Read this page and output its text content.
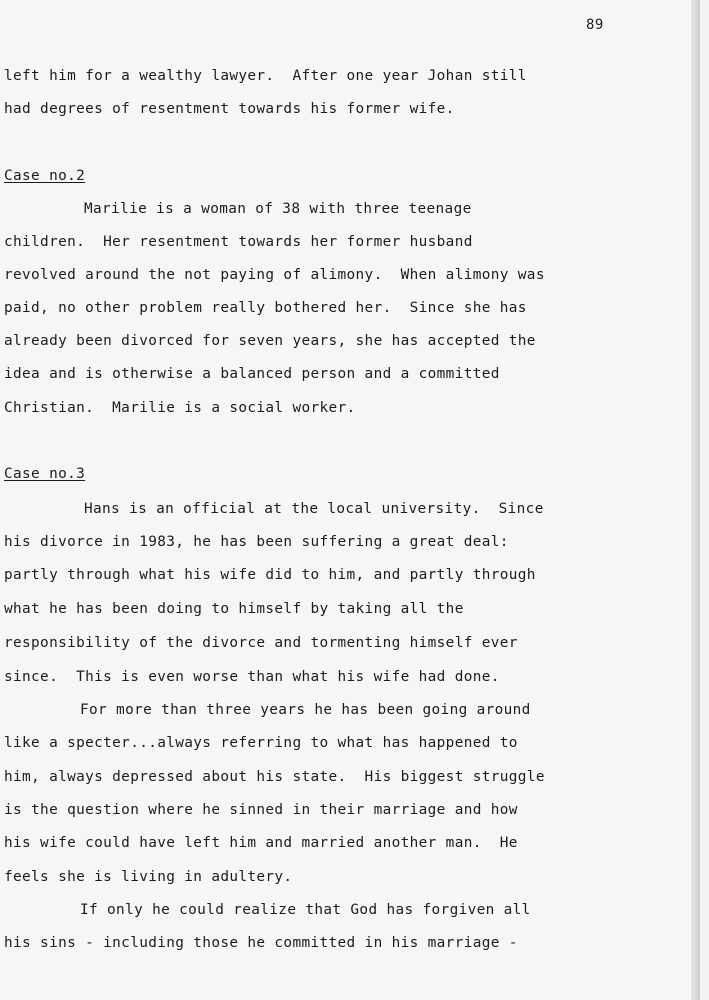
89
left him for a wealthy lawyer.  After one year Johan still
had degrees of resentment towards his former wife.
Case no.2
Marilie is a woman of 38 with three teenage
children.  Her resentment towards her former husband
revolved around the not paying of alimony.  When alimony was
paid, no other problem really bothered her.  Since she has
already been divorced for seven years, she has accepted the
idea and is otherwise a balanced person and a committed
Christian.  Marilie is a social worker.
Case no.3
Hans is an official at the local university.  Since
his divorce in 1983, he has been suffering a great deal:
partly through what his wife did to him, and partly through
what he has been doing to himself by taking all the
responsibility of the divorce and tormenting himself ever
since.  This is even worse than what his wife had done.
For more than three years he has been going around
like a specter...always referring to what has happened to
him, always depressed about his state.  His biggest struggle
is the question where he sinned in their marriage and how
his wife could have left him and married another man.  He
feels she is living in adultery.
If only he could realize that God has forgiven all
his sins - including those he committed in his marriage -
